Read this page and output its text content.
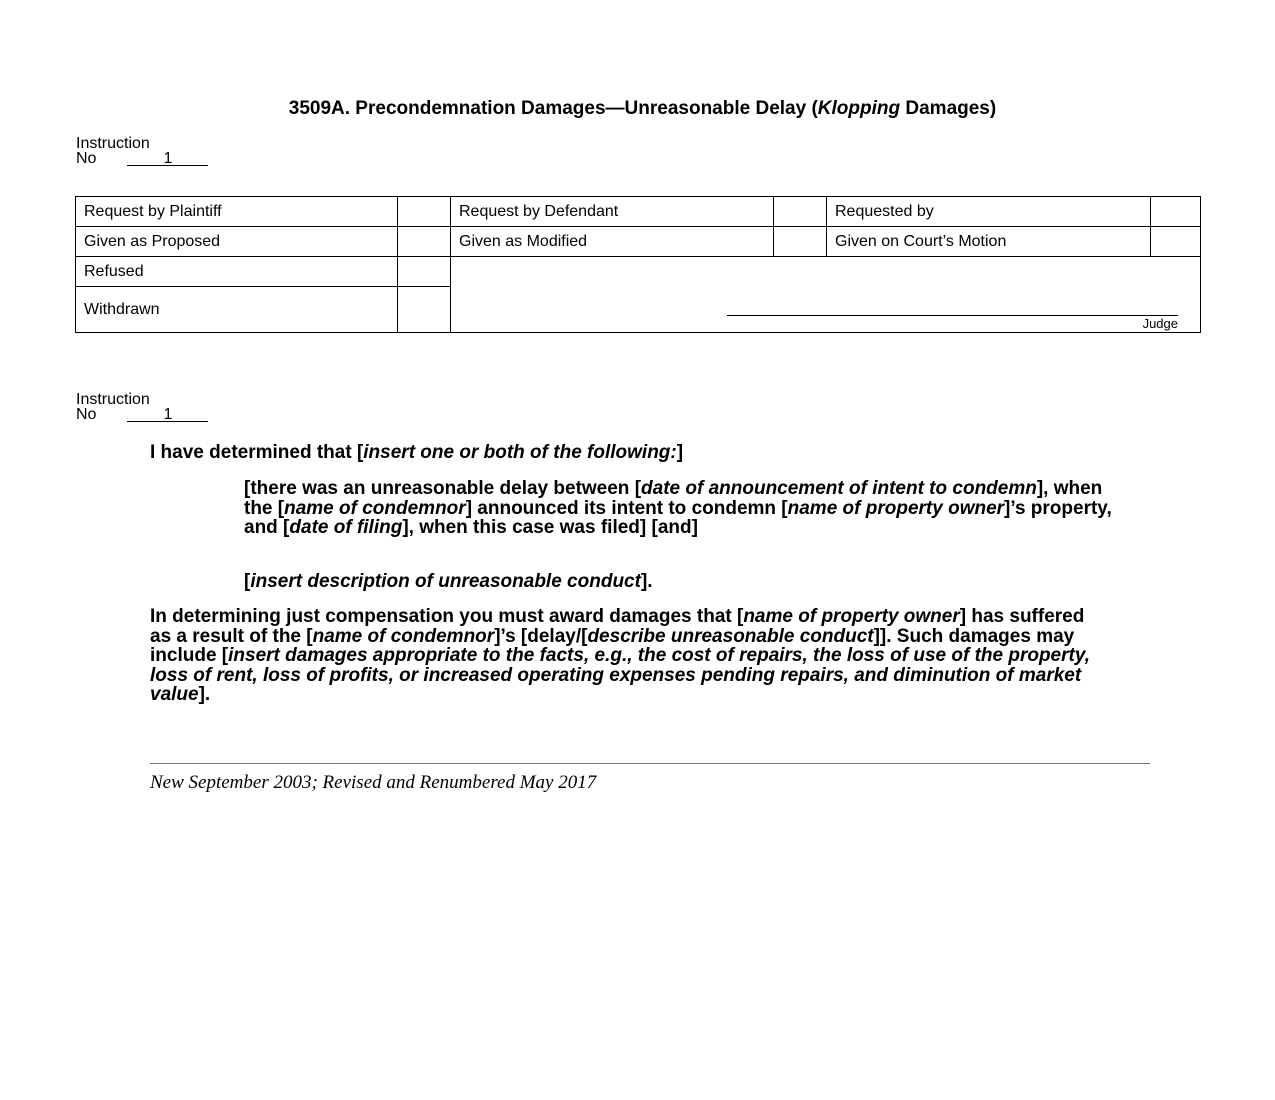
3509A. Precondemnation Damages—Unreasonable Delay (Klopping Damages)
Instruction
No	1
Request by Plaintiff		Request by Defendant		Requested by	
Given as Proposed		Given as Modified		Given on Court’s Motion	
Refused		Judge			

Withdrawn					
Instruction
No	1
I have determined that [insert one or both of the following:]
[there was an unreasonable delay between [date of announcement of intent to condemn], when the [name of condemnor] announced its intent to condemn [name of property owner]’s property, and [date of filing], when this case was filed] [and]
[insert description of unreasonable conduct].
In determining just compensation you must award damages that [name of property owner] has suffered as a result of the [name of condemnor]’s [delay/[describe unreasonable conduct]]. Such damages may include [insert damages appropriate to the facts, e.g., the cost of repairs, the loss of use of the property, loss of rent, loss of profits, or increased operating expenses pending repairs, and diminution of market value].
New September 2003; Revised and Renumbered May 2017
